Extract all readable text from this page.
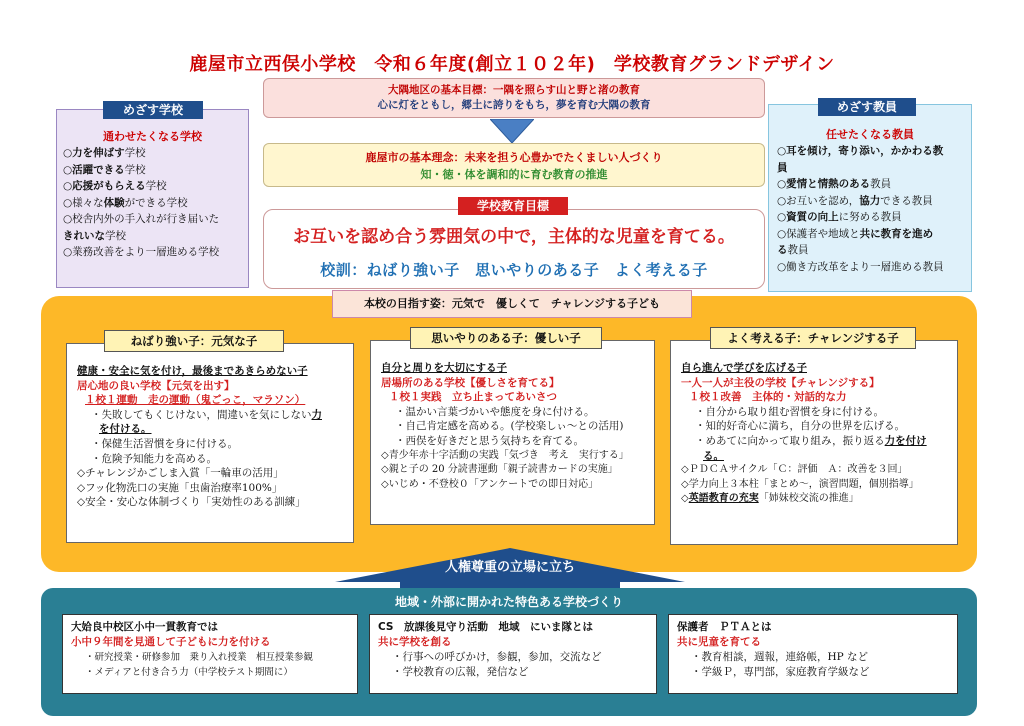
鹿屋市立西俣小学校　令和６年度(創立１０２年)　学校教育グランドデザイン
通わせたくなる学校
○力を伸ばす学校
○活躍できる学校
○応援がもらえる学校
○様々な体験ができる学校
○校舎内外の手入れが行き届いた
きれいな学校
○業務改善をより一層進める学校
めざす学校
任せたくなる教員
○耳を傾け，寄り添い，かかわる教
員
○愛情と情熱のある教員
○お互いを認め，協力できる教員
○資質の向上に努める教員
○保護者や地域と共に教育を進め
る教員
○働き方改革をより一層進める教員
めざす教員
大隅地区の基本目標：一隅を照らす山と野と渚の教育
心に灯をともし，郷土に誇りをもち，夢を育む大隅の教育
鹿屋市の基本理念：未来を担う心豊かでたくましい人づくり
知・徳・体を調和的に育む教育の推進
お互いを認め合う雰囲気の中で，主体的な児童を育てる。
校訓：ねばり強い子　思いやりのある子　よく考える子
学校教育目標
本校の目指す姿：元気で　優しくて　チャレンジする子ども
健康・安全に気を付け，最後まであきらめない子
居心地の良い学校【元気を出す】
１校１運動　走の運動（鬼ごっこ，マラソン）
・失敗してもくじけない，間違いを気にしない力
を付ける。
・保健生活習慣を身に付ける。
・危険予知能力を高める。
◇チャレンジかごしま入賞「一輪車の活用」
◇フッ化物洗口の実施「虫歯治療率100%」
◇安全・安心な体制づくり「実効性のある訓練」
ねばり強い子：元気な子
自分と周りを大切にする子
居場所のある学校【優しさを育てる】
１校１実践　立ち止まってあいさつ
・温かい言葉づかいや態度を身に付ける。
・自己肯定感を高める。(学校楽しぃ～との活用)
・西俣を好きだと思う気持ちを育てる。
◇青少年赤十字活動の実践「気づき　考え　実行する」
◇親と子の 20 分読書運動「親子読書カードの実施」
◇いじめ・不登校０「アンケートでの即日対応」
思いやりのある子：優しい子
自ら進んで学びを広げる子
一人一人が主役の学校【チャレンジする】
１校１改善　主体的・対話的な力
・自分から取り組む習慣を身に付ける。
・知的好奇心に満ち，自分の世界を広げる。
・めあてに向かって取り組み，振り返る力を付け
る。
◇ＰＤＣＡサイクル「Ｃ：評価　Ａ：改善を３回」
◇学力向上３本柱「まとめ～，演習問題，個別指導」
◇英語教育の充実「姉妹校交流の推進」
よく考える子：チャレンジする子
人権尊重の立場に立ち
地域・外部に開かれた特色ある学校づくり
大姶良中校区小中一貫教育では
小中９年間を見通して子どもに力を付ける
・研究授業・研修参加　乗り入れ授業　相互授業参観
・メディアと付き合う力（中学校テスト期間に）
CS　放課後見守り活動　地域　にいま隊とは
共に学校を創る
・行事への呼びかけ，参観，参加，交流など
・学校教育の広報，発信など
保護者　ＰＴＡとは
共に児童を育てる
・教育相談，週報，連絡帳，HP など
・学級Ｐ，専門部，家庭教育学級など
